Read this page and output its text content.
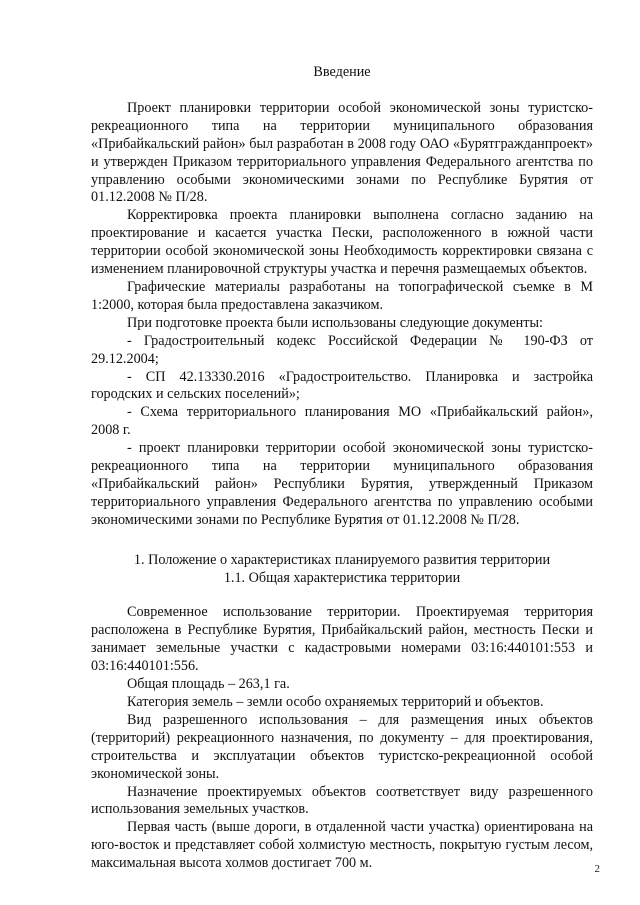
Введение

Проект планировки территории особой экономической зоны туристско-рекреационного типа на территории муниципального образования «Прибайкальский район» был разработан в 2008 году ОАО «Бурятгражданпроект» и утвержден Приказом территориального управления Федерального агентства по управлению особыми экономическими зонами по Республике Бурятия от 01.12.2008 № П/28.

Корректировка проекта планировки выполнена согласно заданию на проектирование и касается участка Пески, расположенного в южной части территории особой экономической зоны Необходимость корректировки связана с изменением планировочной структуры участка и перечня размещаемых объектов.

Графические материалы разработаны на топографической съемке в М 1:2000, которая была предоставлена заказчиком.

При подготовке проекта были использованы следующие документы:

- Градостроительный кодекс Российской Федерации № 190-ФЗ от 29.12.2004;

- СП 42.13330.2016 «Градостроительство. Планировка и застройка городских и сельских поселений»;

- Схема территориального планирования МО «Прибайкальский район», 2008 г.

- проект планировки территории особой экономической зоны туристско-рекреационного типа на территории муниципального образования «Прибайкальский район» Республики Бурятия, утвержденный Приказом территориального управления Федерального агентства по управлению особыми экономическими зонами по Республике Бурятия от 01.12.2008 № П/28.

1. Положение о характеристиках планируемого развития территории
1.1. Общая характеристика территории

Современное использование территории. Проектируемая территория расположена в Республике Бурятия, Прибайкальский район, местность Пески и занимает земельные участки с кадастровыми номерами 03:16:440101:553 и 03:16:440101:556.

Общая площадь – 263,1 га.

Категория земель – земли особо охраняемых территорий и объектов.

Вид разрешенного использования – для размещения иных объектов (территорий) рекреационного назначения, по документу – для проектирования, строительства и эксплуатации объектов туристско-рекреационной особой экономической зоны.

Назначение проектируемых объектов соответствует виду разрешенного использования земельных участков.

Первая часть (выше дороги, в отдаленной части участка) ориентирована на юго-восток и представляет собой холмистую местность, покрытую густым лесом, максимальная высота холмов достигает 700 м.	2
